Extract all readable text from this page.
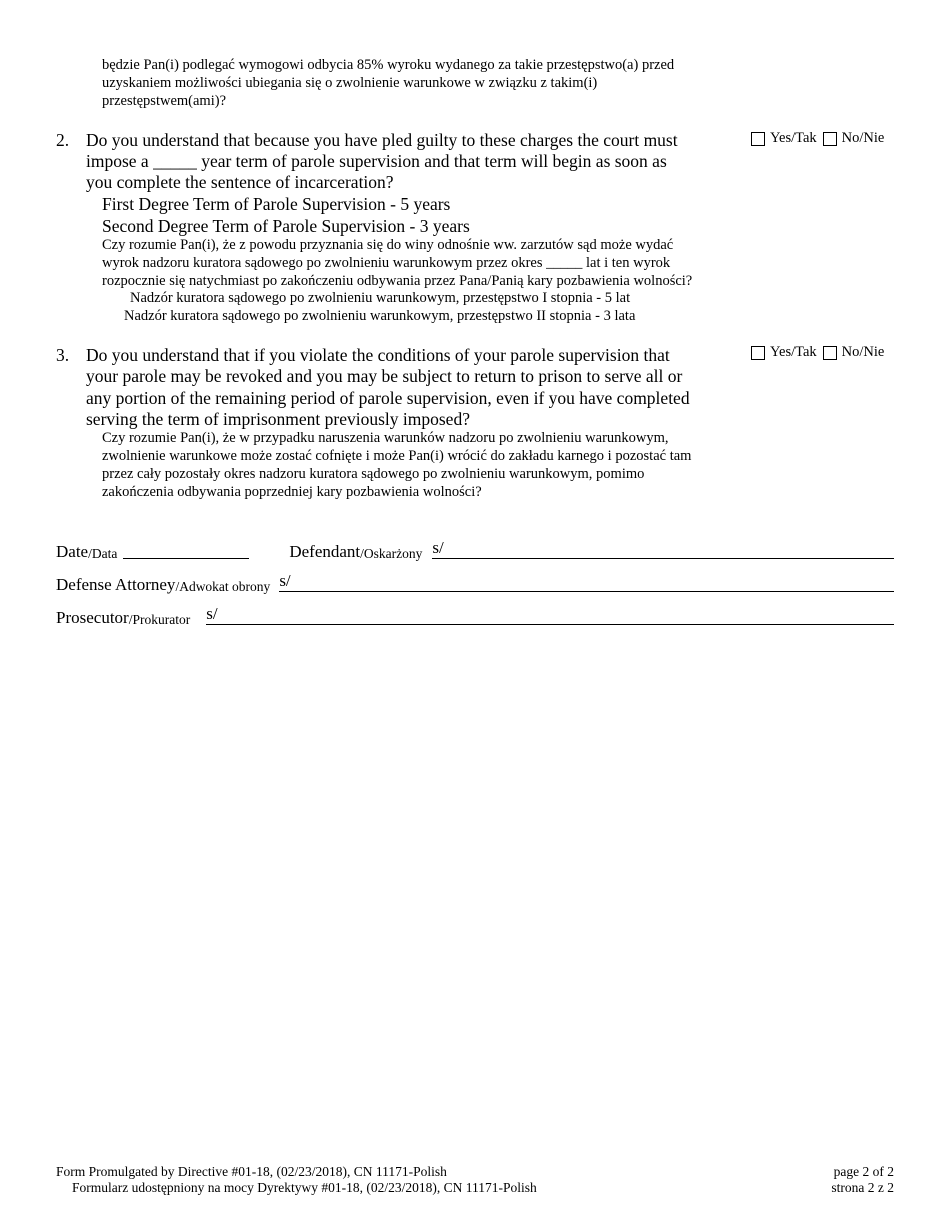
będzie Pan(i) podlegać wymogowi odbycia 85% wyroku wydanego za takie przestępstwo(a) przed
uzyskaniem możliwości ubiegania się o zwolnienie warunkowe w związku z takim(i)
przestępstwem(ami)?
2. Do you understand that because you have pled guilty to these charges the court must
impose a _____ year term of parole supervision and that term will begin as soon as
you complete the sentence of incarceration?
First Degree Term of Parole Supervision - 5 years
Second Degree Term of Parole Supervision - 3 years
Czy rozumie Pan(i), że z powodu przyznania się do winy odnośnie ww. zarzutów sąd może wydać
wyrok nadzoru kuratora sądowego po zwolnieniu warunkowym przez okres _____ lat i ten wyrok
rozpocznie się natychmiast po zakończeniu odbywania przez Pana/Panią kary pozbawienia wolności?
Nadzór kuratora sądowego po zwolnieniu warunkowym, przestępstwo I stopnia - 5 lat
Nadzór kuratora sądowego po zwolnieniu warunkowym, przestępstwo II stopnia - 3 lata
Yes/Tak No/Nie
3. Do you understand that if you violate the conditions of your parole supervision that
your parole may be revoked and you may be subject to return to prison to serve all or
any portion of the remaining period of parole supervision, even if you have completed
serving the term of imprisonment previously imposed?
Czy rozumie Pan(i), że w przypadku naruszenia warunków nadzoru po zwolnieniu warunkowym,
zwolnienie warunkowe może zostać cofnięte i może Pan(i) wrócić do zakładu karnego i pozostać tam
przez cały pozostały okres nadzoru kuratora sądowego po zwolnieniu warunkowym, pomimo
zakończenia odbywania poprzedniej kary pozbawienia wolności?
Yes/Tak No/Nie
Date /Data	Defendant /Oskarżony s/
Defense Attorney /Adwokat obrony s/
Prosecutor /Prokurator s/
Form Promulgated by Directive #01-18, (02/23/2018), CN 11171-Polish
Formularz udostępniony na mocy Dyrektywy #01-18, (02/23/2018), CN 11171-Polish
page 2 of 2
strona 2 z 2
